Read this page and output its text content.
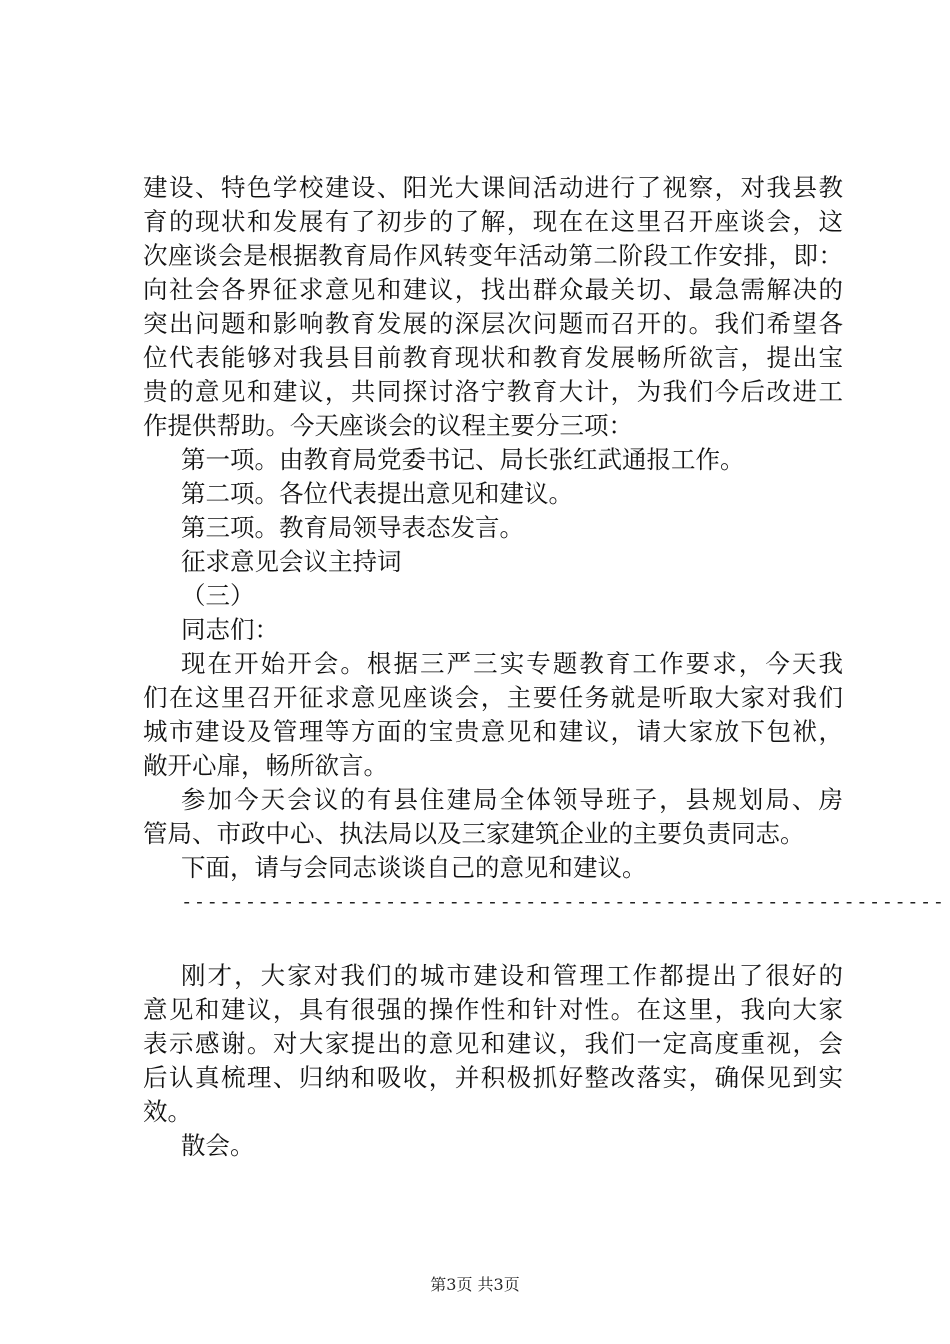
建设、特色学校建设、阳光大课间活动进行了视察，对我县教
育的现状和发展有了初步的了解，现在在这里召开座谈会，这
次座谈会是根据教育局作风转变年活动第二阶段工作安排，即：
向社会各界征求意见和建议，找出群众最关切、最急需解决的
突出问题和影响教育发展的深层次问题而召开的。我们希望各
位代表能够对我县目前教育现状和教育发展畅所欲言，提出宝
贵的意见和建议，共同探讨洛宁教育大计，为我们今后改进工
作提供帮助。今天座谈会的议程主要分三项：
第一项。由教育局党委书记、局长张红武通报工作。
第二项。各位代表提出意见和建议。
第三项。教育局领导表态发言。
征求意见会议主持词
（三）
同志们：
现在开始开会。根据三严三实专题教育工作要求，今天我
们在这里召开征求意见座谈会，主要任务就是听取大家对我们
城市建设及管理等方面的宝贵意见和建议，请大家放下包袱，
敞开心扉，畅所欲言。
参加今天会议的有县住建局全体领导班子，县规划局、房
管局、市政中心、执法局以及三家建筑企业的主要负责同志。
下面，请与会同志谈谈自己的意见和建议。
------------------------------------------------------------
刚才，大家对我们的城市建设和管理工作都提出了很好的
意见和建议，具有很强的操作性和针对性。在这里，我向大家
表示感谢。对大家提出的意见和建议，我们一定高度重视，会
后认真梳理、归纳和吸收，并积极抓好整改落实，确保见到实
效。
散会。
第3页 共3页
